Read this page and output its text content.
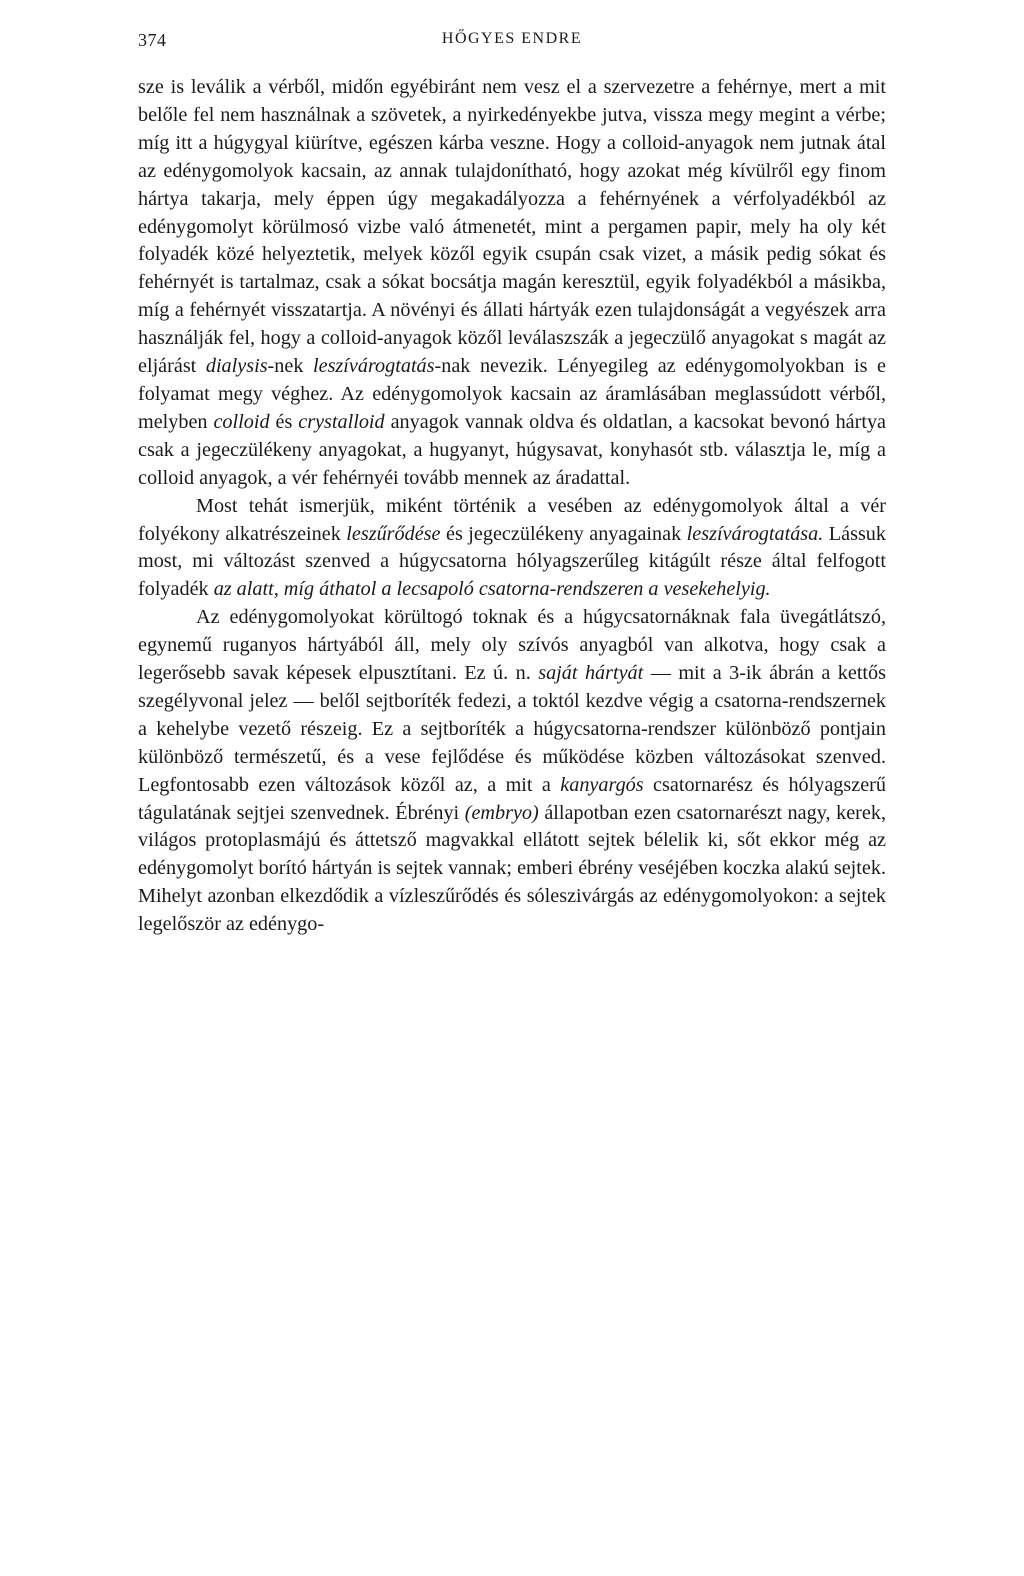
374	HŐGYES ENDRE

sze is leválik a vérből, midőn egyébiránt nem vesz el a szervezetre a fehérnye, mert a mit belőle fel nem használnak a szövetek, a nyirkedényekbe jutva, vissza megy megint a vérbe; míg itt a húgygyal kiürítve, egészen kárba veszne. Hogy a colloid-anyagok nem jutnak átal az edénygomolyok kacsain, az annak tulajdonítható, hogy azokat még kívülről egy finom hártya takarja, mely éppen úgy megakadályozza a fehérnyének a vérfolyadékból az edénygomolyt körülmosó vizbe való átmenetét, mint a pergamen papir, mely ha oly két folyadék közé helyeztetik, melyek közől egyik csupán csak vizet, a másik pedig sókat és fehérnyét is tartalmaz, csak a sókat bocsátja magán keresztül, egyik folyadékból a másikba, míg a fehérnyét visszatartja. A növényi és állati hártyák ezen tulajdonságát a vegyészek arra használják fel, hogy a colloid-anyagok közől leválaszszák a jegeczülő anyagokat s magát az eljárást dialysis-nek leszívárogtatás-nak nevezik. Lényegileg az edénygomolyokban is e folyamat megy véghez. Az edénygomolyok kacsain az áramlásában meglassúdott vérből, melyben colloid és crystalloid anyagok vannak oldva és oldatlan, a kacsokat bevonó hártya csak a jegeczülékeny anyagokat, a hugyanyt, húgysavat, konyhasót stb. választja le, míg a colloid anyagok, a vér fehérnyéi tovább mennek az áradattal.

Most tehát ismerjük, miként történik a vesében az edénygomolyok által a vér folyékony alkatrészeinek leszűrődése és jegeczülékeny anyagainak leszívárogtatása. Lássuk most, mi változást szenved a húgycsatorna hólyagszerűleg kitágúlt része által felfogott folyadék az alatt, míg áthatol a lecsapoló csatorna-rendszeren a vesekehelyig.

Az edénygomolyokat körültogó toknak és a húgycsatornáknak fala üvegátlátszó, egynemű ruganyos hártyából áll, mely oly szívós anyagból van alkotva, hogy csak a legerősebb savak képesek elpusztítani. Ez ú. n. saját hártyát — mit a 3-ik ábrán a kettős szegélyvonal jelez — belől sejtboríték fedezi, a toktól kezdve végig a csatorna-rendszernek a kehelybe vezető részeig. Ez a sejtboríték a húgycsatorna-rendszer különböző pontjain különböző természetű, és a vese fejlődése és működése közben változásokat szenved. Legfontosabb ezen változások közől az, a mit a kanyargós csatornarész és hólyagszerű tágulatának sejtjei szenvednek. Ébrényi (embryo) állapotban ezen csatornarészt nagy, kerek, világos protoplasmájú és áttetsző magvakkal ellátott sejtek bélelik ki, sőt ekkor még az edénygomolyt borító hártyán is sejtek vannak; emberi ébrény veséjében koczka alakú sejtek. Mihelyt azonban elkezdődik a vízleszűrődés és sóleszivárgás az edénygomolyokon: a sejtek legelőször az edénygo-
